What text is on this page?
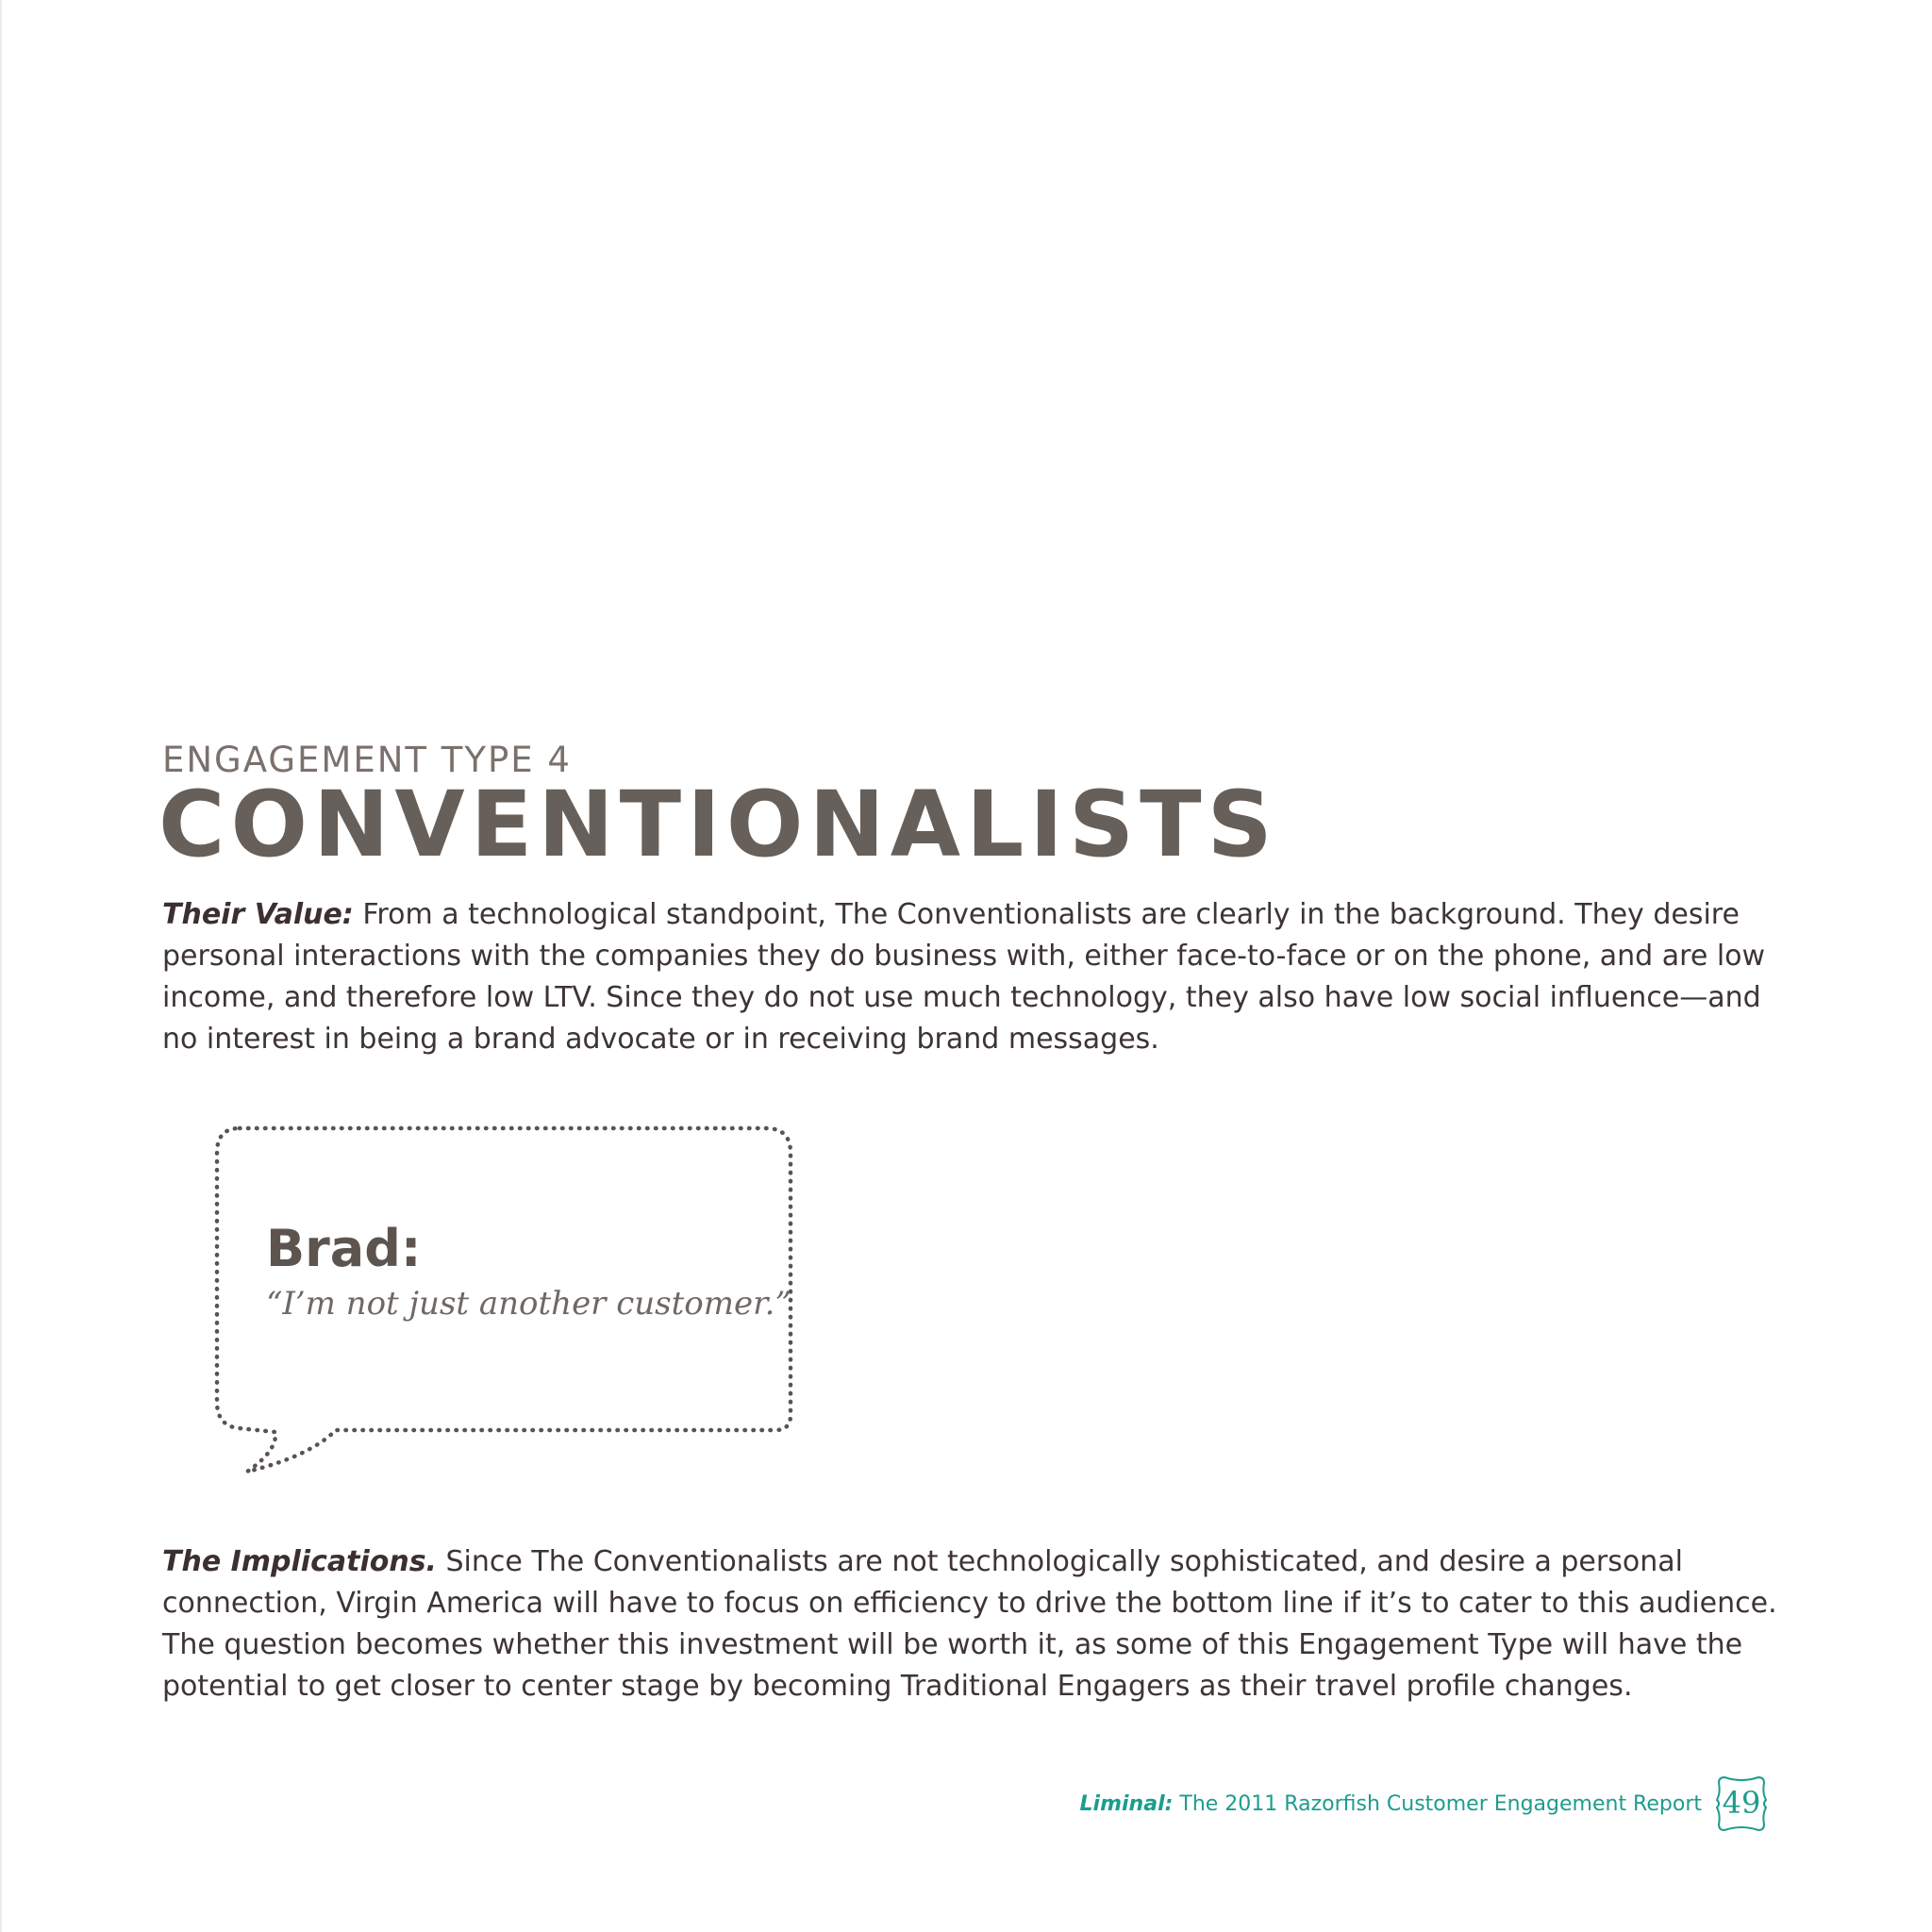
ENGAGEMENT TYPE 4
CONVENTIONALISTS

Their Value: From a technological standpoint, The Conventionalists are clearly in the background. They desire personal interactions with the companies they do business with, either face-to-face or on the phone, and are low income, and therefore low LTV. Since they do not use much technology, they also have low social influence—and no interest in being a brand advocate or in receiving brand messages.

The Implications. Since The Conventionalists are not technologically sophisticated, and desire a personal connection, Virgin America will have to focus on efficiency to drive the bottom line if it’s to cater to this audience. The question becomes whether this investment will be worth it, as some of this Engagement Type will have the potential to get closer to center stage by becoming Traditional Engagers as their travel profile changes.

Brad:
“I’m not just another customer.”
Liminal: The 2011 Razorfish Customer Engagement Report 49
